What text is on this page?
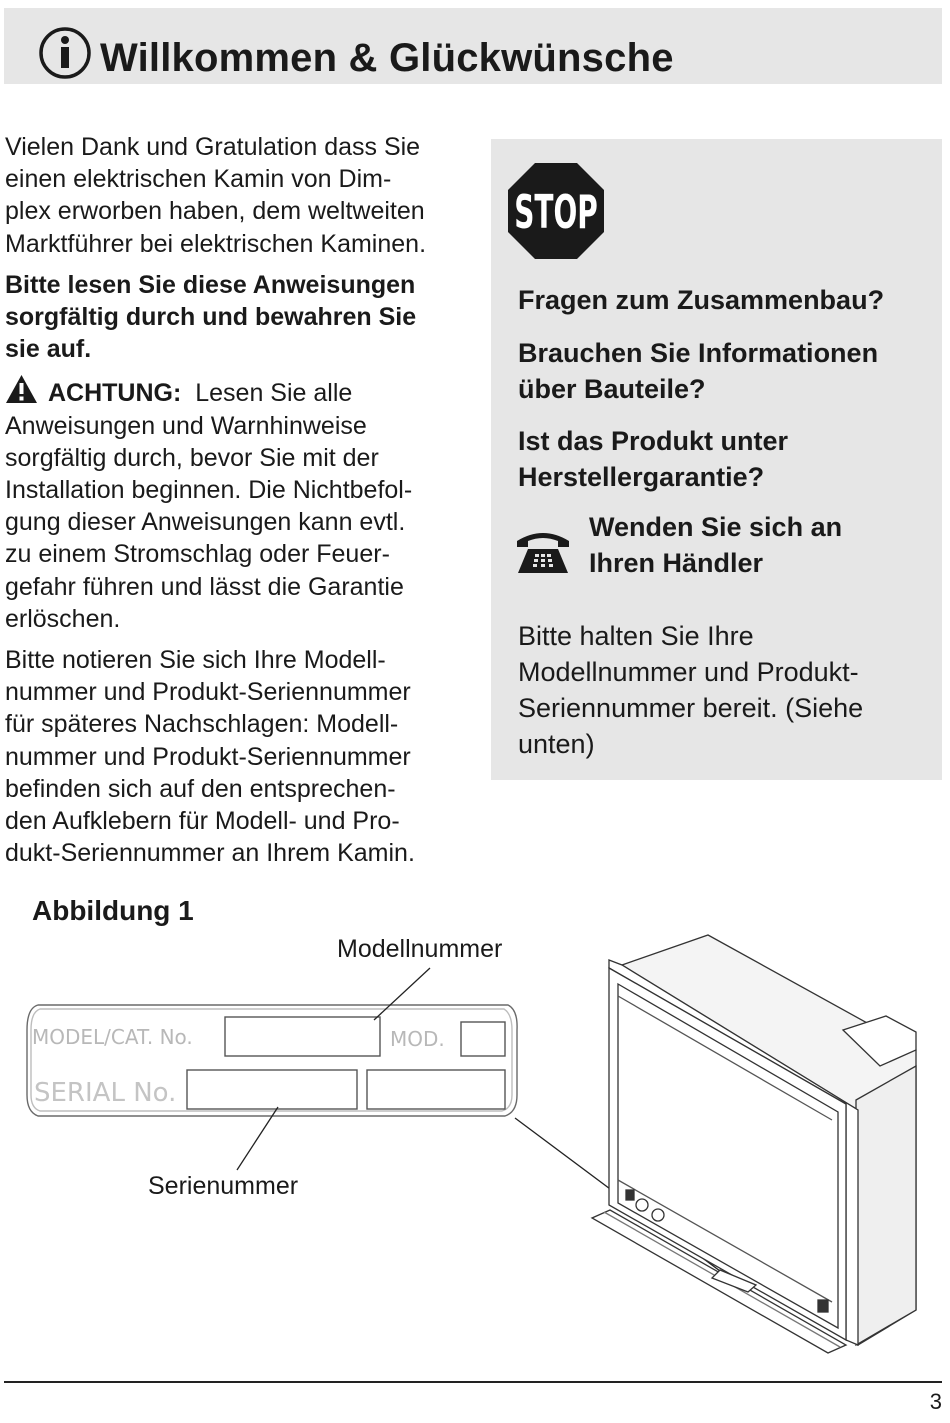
Willkommen & Glückwünsche

Vielen Dank und Gratulation dass Sie
einen elektrischen Kamin von Dim-
plex erworben haben, dem weltweiten
Marktführer bei elektrischen Kaminen.

Bitte lesen Sie diese Anweisungen
sorgfältig durch und bewahren Sie
sie auf.

ACHTUNG: Lesen Sie alle
Anweisungen und Warnhinweise
sorgfältig durch, bevor Sie mit der
Installation beginnen. Die Nichtbefol-
gung dieser Anweisungen kann evtl.
zu einem Stromschlag oder Feuer-
gefahr führen und lässt die Garantie
erlöschen.

Bitte notieren Sie sich Ihre Modell-
nummer und Produkt-Seriennummer
für späteres Nachschlagen: Modell-
nummer und Produkt-Seriennummer
befinden sich auf den entsprechen-
den Aufklebern für Modell- und Pro-
dukt-Seriennummer an Ihrem Kamin.

STOP

Fragen zum Zusammenbau?

Brauchen Sie Informationen
über Bauteile?

Ist das Produkt unter
Herstellergarantie?

Wenden Sie sich an
Ihren Händler

Bitte halten Sie Ihre
Modellnummer und Produkt-
Seriennummer bereit. (Siehe
unten)

Abbildung 1
Modellnummer
Serienummer
MODEL/CAT. No.	MOD.
SERIAL No.
3
